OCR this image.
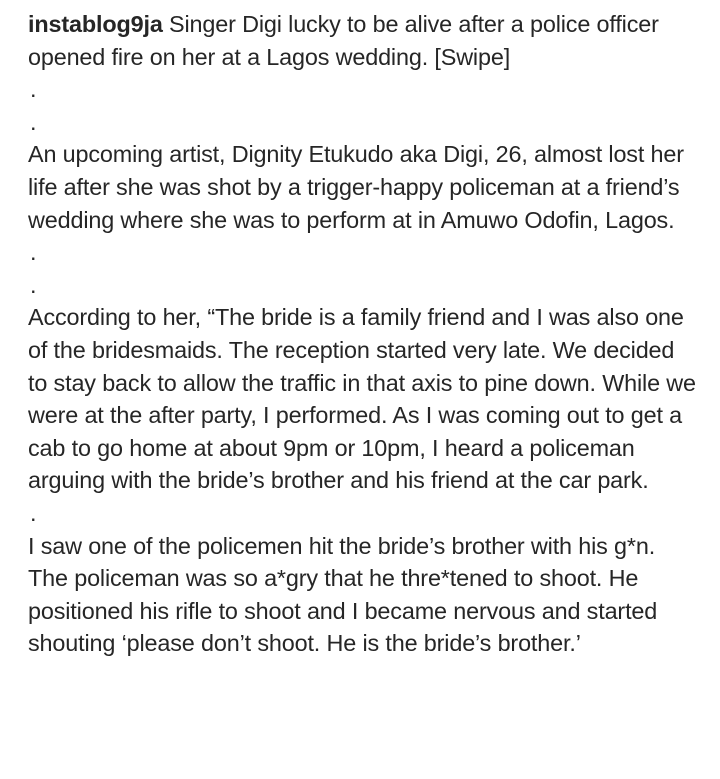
instablog9ja Singer Digi lucky to be alive after a police officer opened fire on her at a Lagos wedding. [Swipe]

.

.

An upcoming artist, Dignity Etukudo aka Digi, 26, almost lost her life after she was shot by a trigger-happy policeman at a friend’s wedding where she was to perform at in Amuwo Odofin, Lagos.

.

.

According to her, “The bride is a family friend and I was also one of the bridesmaids. The reception started very late. We decided to stay back to allow the traffic in that axis to pine down. While we were at the after party, I performed. As I was coming out to get a cab to go home at about 9pm or 10pm, I heard a policeman arguing with the bride’s brother and his friend at the car park.

.

I saw one of the policemen hit the bride’s brother with his g*n. The policeman was so a*gry that he thre*tened to shoot. He positioned his rifle to shoot and I became nervous and started shouting ‘please don’t shoot. He is the bride’s brother.’
